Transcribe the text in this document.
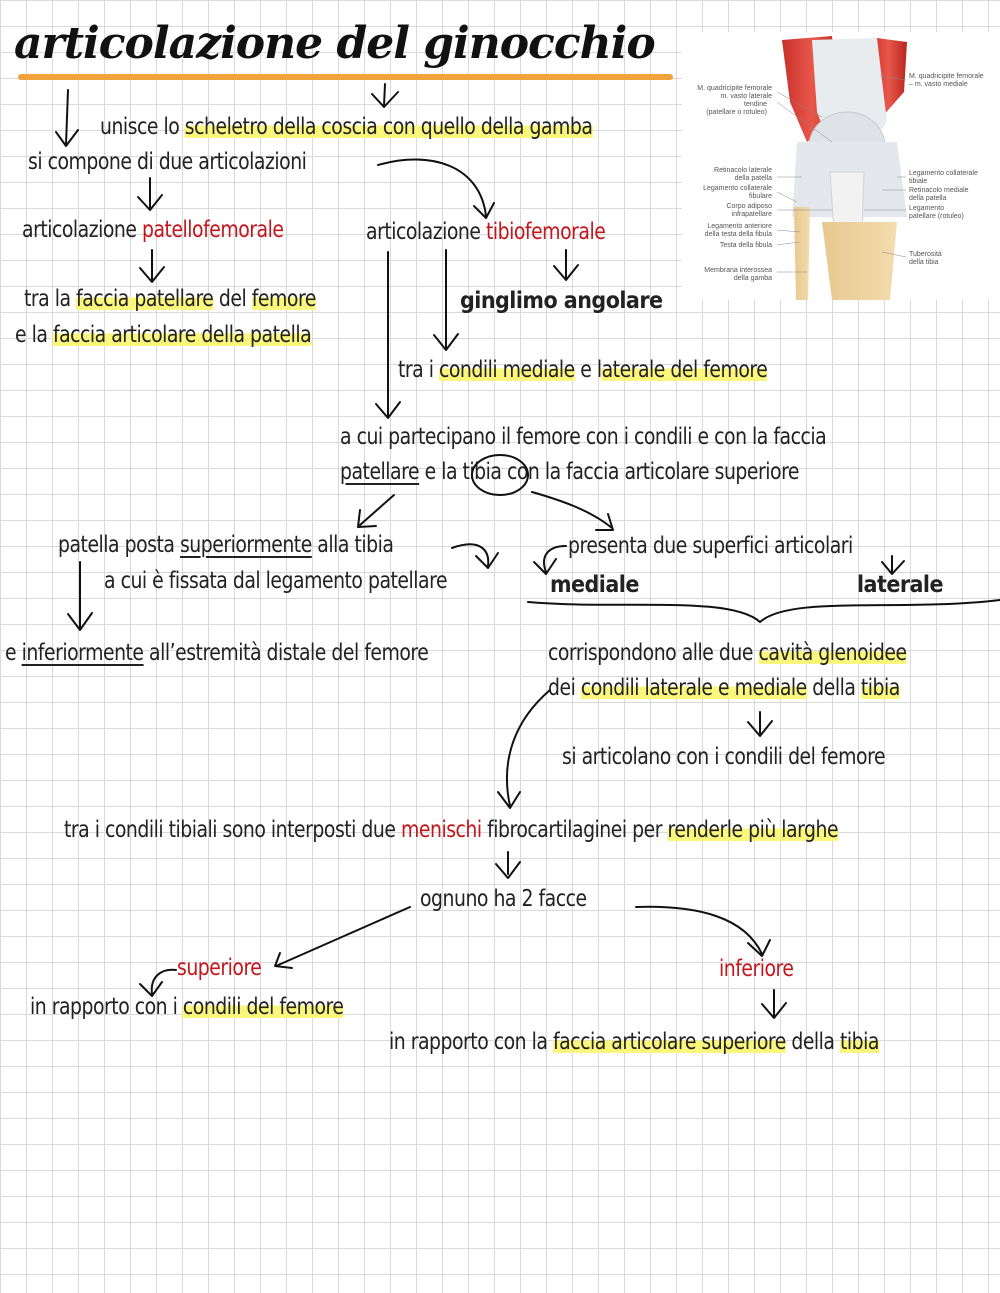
articolazione del ginocchio
M. quadricipite femorale
m. vasto laterale
tendine
(patellare o rotuleo)
Retinacolo laterale
della patella
Legamento collaterale
fibulare
Corpo adiposo
infrapatellare
Legamento anteriore
della testa della fibula
Testa della fibula
Membrana interossea
della gamba
M. quadricipite femorale
– m. vasto mediale
Legamento collaterale
tibiale
Retinacolo mediale
della patella
Legamento
patellare (rotuleo)
Tuberosità
della tibia
unisce lo scheletro della coscia con quello della gamba
si compone di due articolazioni
articolazione patellofemorale	articolazione tibiofemorale
tra la faccia patellare del femore
e la faccia articolare della patella
ginglimo angolare
tra i condili mediale e laterale del femore
a cui partecipano il femore con i condili e con la faccia
patellare e la tibia con la faccia articolare superiore
patella posta superiormente alla tibia
a cui è fissata dal legamento patellare
e inferiormente all’estremità distale del femore
presenta due superfici articolari
mediale	laterale
corrispondono alle due cavità glenoidee
dei condili laterale e mediale della tibia
si articolano con i condili del femore
tra i condili tibiali sono interposti due menischi fibrocartilaginei per renderle più larghe
ognuno ha 2 facce
superiore	inferiore
in rapporto con i condili del femore
in rapporto con la faccia articolare superiore della tibia
